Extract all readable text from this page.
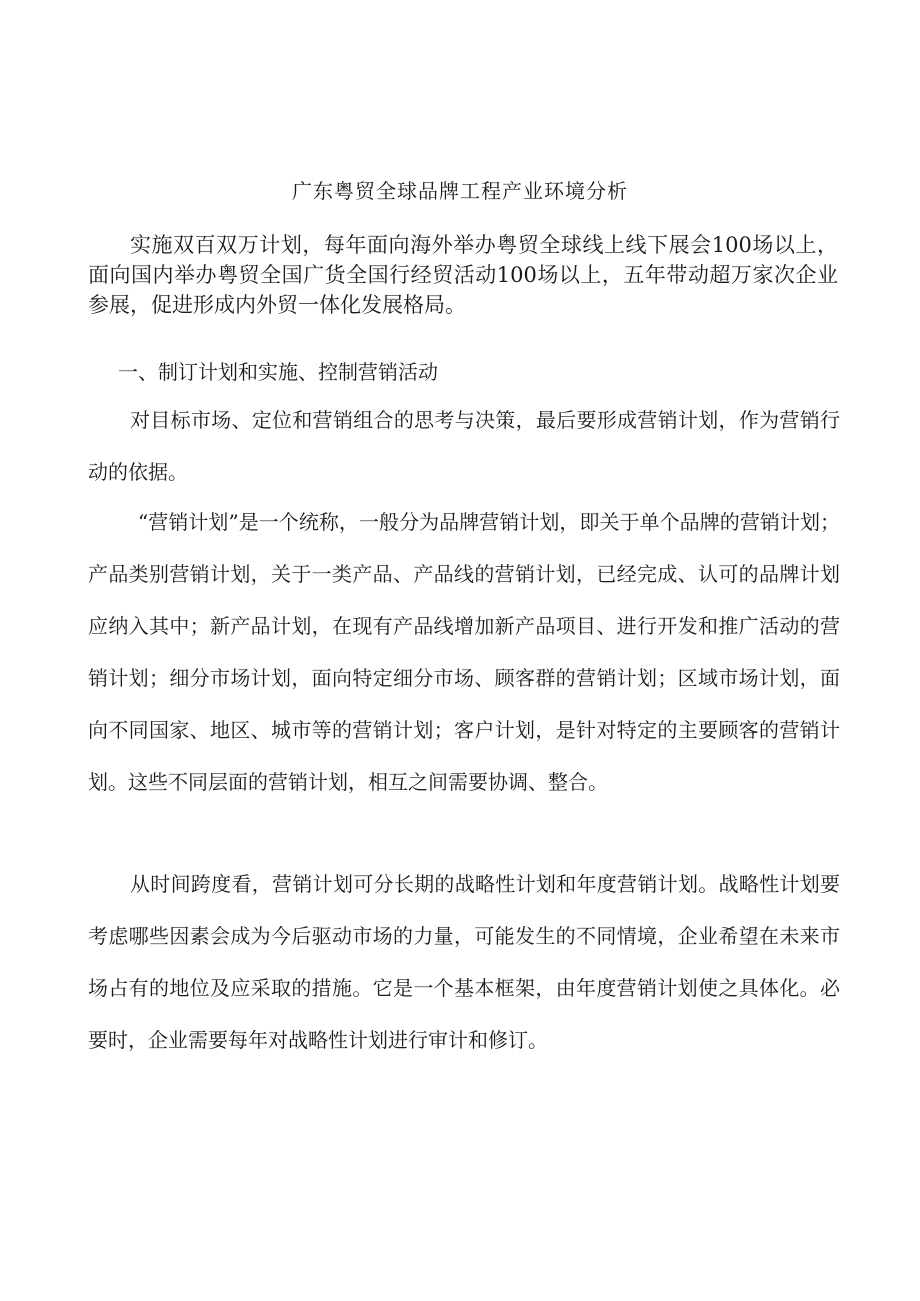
广东粤贸全球品牌工程产业环境分析

实施双百双万计划，每年面向海外举办粤贸全球线上线下展会100场以上，面向国内举办粤贸全国广货全国行经贸活动100场以上，五年带动超万家次企业参展，促进形成内外贸一体化发展格局。

一、制订计划和实施、控制营销活动

对目标市场、定位和营销组合的思考与决策，最后要形成营销计划，作为营销行动的依据。

“营销计划”是一个统称，一般分为品牌营销计划，即关于单个品牌的营销计划；产品类别营销计划，关于一类产品、产品线的营销计划，已经完成、认可的品牌计划应纳入其中；新产品计划，在现有产品线增加新产品项目、进行开发和推广活动的营销计划；细分市场计划，面向特定细分市场、顾客群的营销计划；区域市场计划，面向不同国家、地区、城市等的营销计划；客户计划，是针对特定的主要顾客的营销计划。这些不同层面的营销计划，相互之间需要协调、整合。

从时间跨度看，营销计划可分长期的战略性计划和年度营销计划。战略性计划要考虑哪些因素会成为今后驱动市场的力量，可能发生的不同情境，企业希望在未来市场占有的地位及应采取的措施。它是一个基本框架，由年度营销计划使之具体化。必要时，企业需要每年对战略性计划进行审计和修订。
